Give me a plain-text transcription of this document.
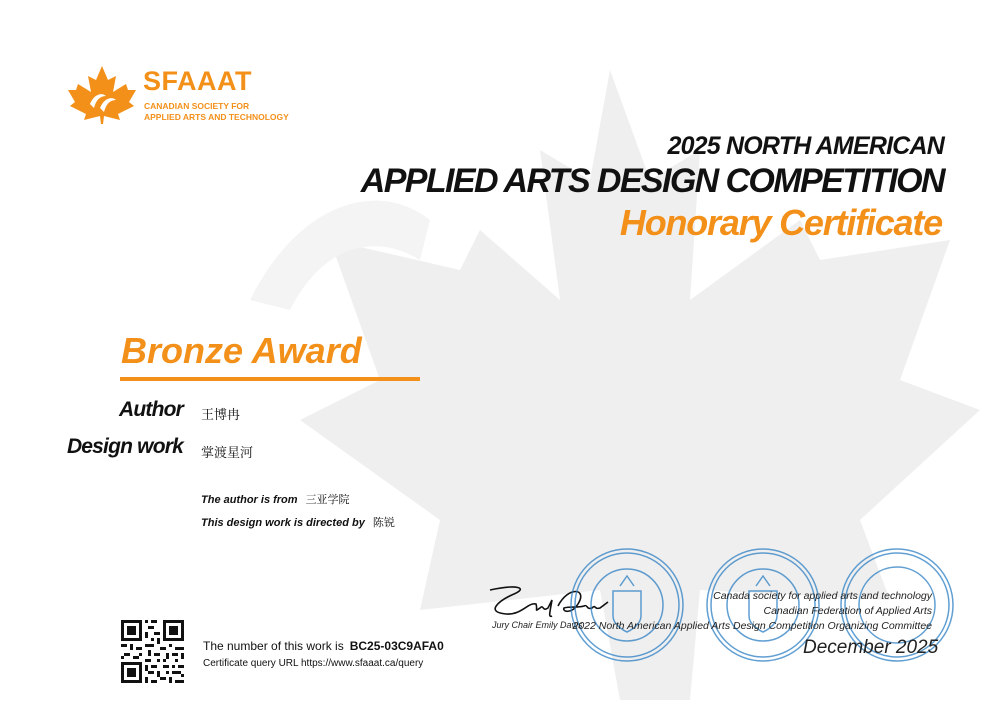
SFAAAT
CANADIAN SOCIETY FOR
APPLIED ARTS AND TECHNOLOGY
2025 NORTH AMERICAN
APPLIED ARTS DESIGN COMPETITION
Honorary Certificate
Bronze Award
Author 王博冉
Design work 掌渡星河
The author is from 三亚学院
This design work is directed by 陈锐
The number of this work is BC25-03C9AFA0
Certificate query URL https://www.sfaaat.ca/query
Jury Chair Emily Davis
Canada society for applied arts and technology
Canadian Federation of Applied Arts
2022 North American Applied Arts Design Competition Organizing Committee
December 2025
